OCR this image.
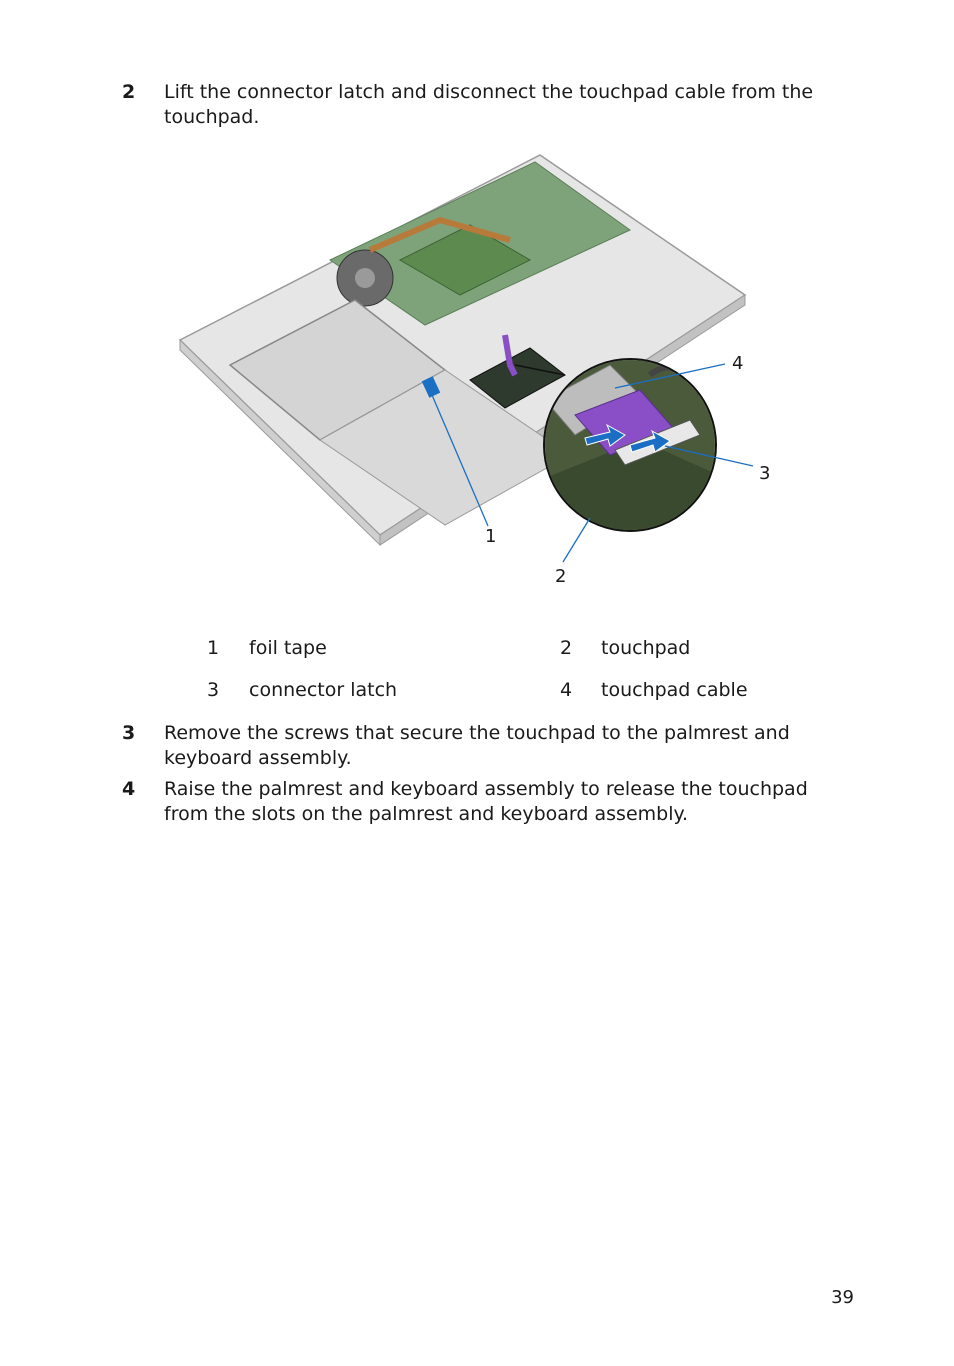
2 Lift the connector latch and disconnect the touchpad cable from the touchpad.
1
2
3
4
1 foil tape	2 touchpad
3 connector latch	4 touchpad cable
3 Remove the screws that secure the touchpad to the palmrest and keyboard assembly.
4 Raise the palmrest and keyboard assembly to release the touchpad from the slots on the palmrest and keyboard assembly.
39
